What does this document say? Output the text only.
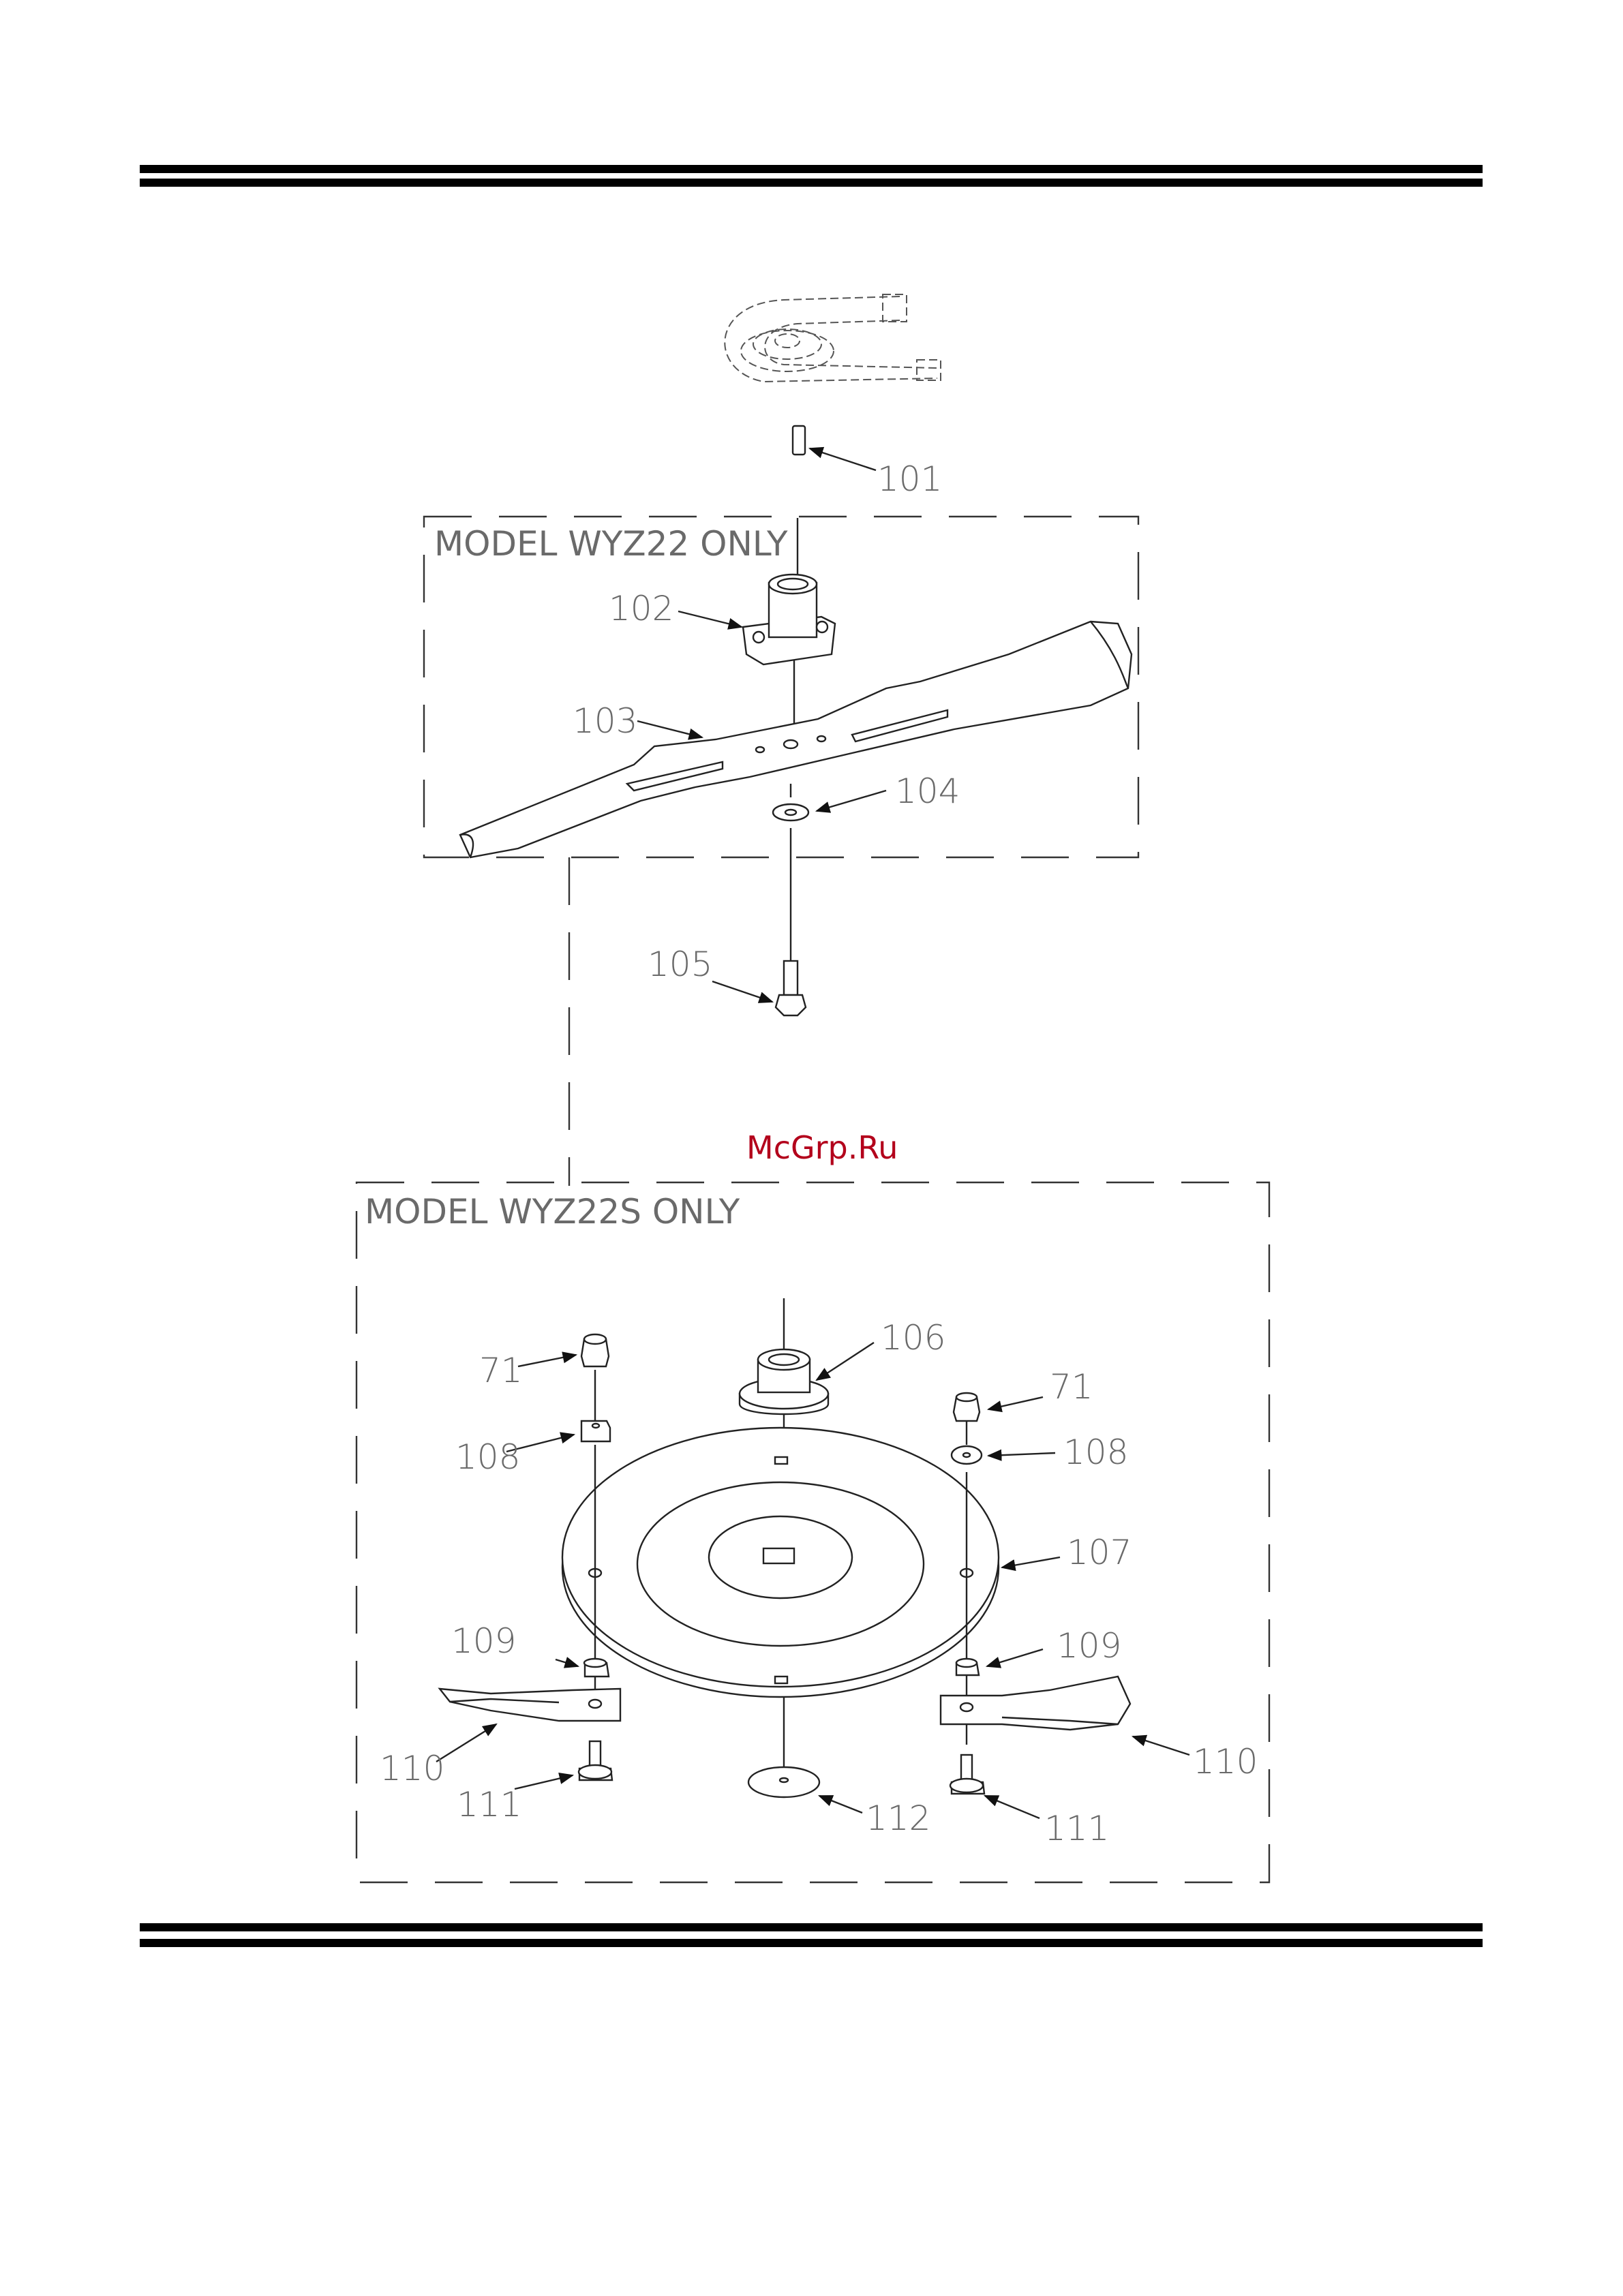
MODEL WYZ22 ONLY
MODEL WYZ22S ONLY
McGrp.Ru
101
102
103
104
105
106
71	71
108	108
107
109	109
110	110
111
111
112
